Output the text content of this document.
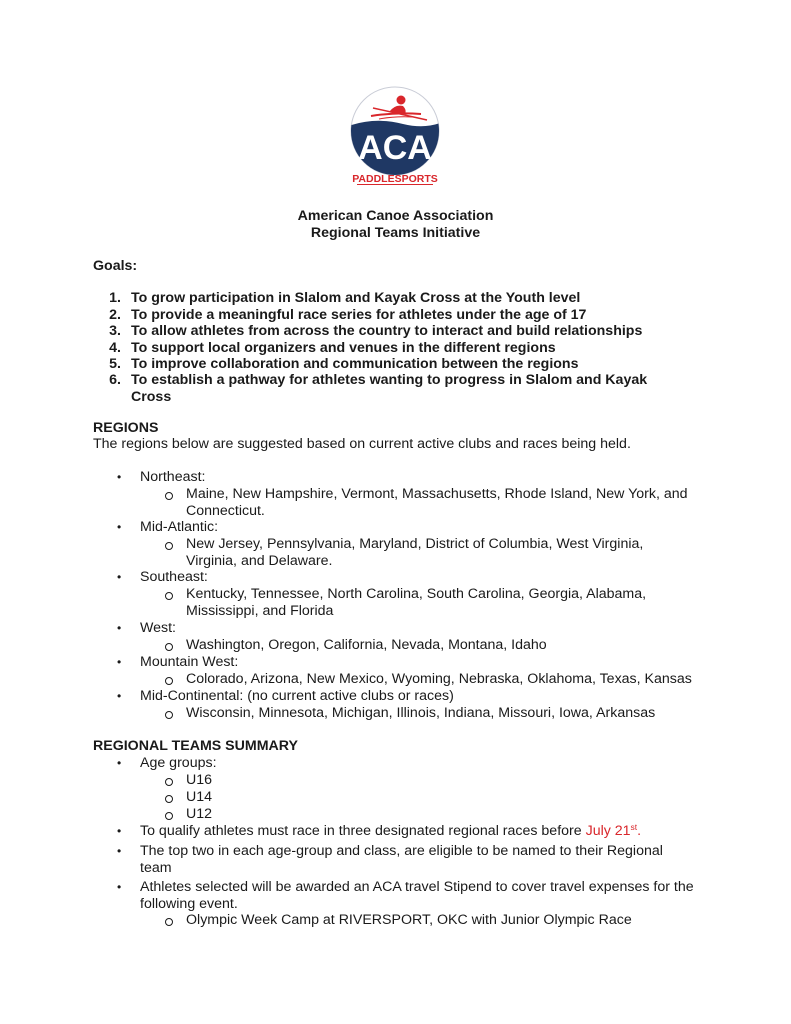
ACA
PADDLESPORTS
American Canoe Association
Regional Teams Initiative
Goals:
1. To grow participation in Slalom and Kayak Cross at the Youth level
2. To provide a meaningful race series for athletes under the age of 17
3. To allow athletes from across the country to interact and build relationships
4. To support local organizers and venues in the different regions
5. To improve collaboration and communication between the regions
6. To establish a pathway for athletes wanting to progress in Slalom and Kayak
Cross
REGIONS
The regions below are suggested based on current active clubs and races being held.
• Northeast:
Maine, New Hampshire, Vermont, Massachusetts, Rhode Island, New York, and
Connecticut.
• Mid-Atlantic:
New Jersey, Pennsylvania, Maryland, District of Columbia, West Virginia,
Virginia, and Delaware.
• Southeast:
Kentucky, Tennessee, North Carolina, South Carolina, Georgia, Alabama,
Mississippi, and Florida
• West:
Washington, Oregon, California, Nevada, Montana, Idaho
• Mountain West:
Colorado, Arizona, New Mexico, Wyoming, Nebraska, Oklahoma, Texas, Kansas
• Mid-Continental: (no current active clubs or races)
Wisconsin, Minnesota, Michigan, Illinois, Indiana, Missouri, Iowa, Arkansas
REGIONAL TEAMS SUMMARY
• Age groups:
U16
U14
U12
• To qualify athletes must race in three designated regional races before July 21st.
• The top two in each age-group and class, are eligible to be named to their Regional
team
• Athletes selected will be awarded an ACA travel Stipend to cover travel expenses for the
following event.
Olympic Week Camp at RIVERSPORT, OKC with Junior Olympic Race
